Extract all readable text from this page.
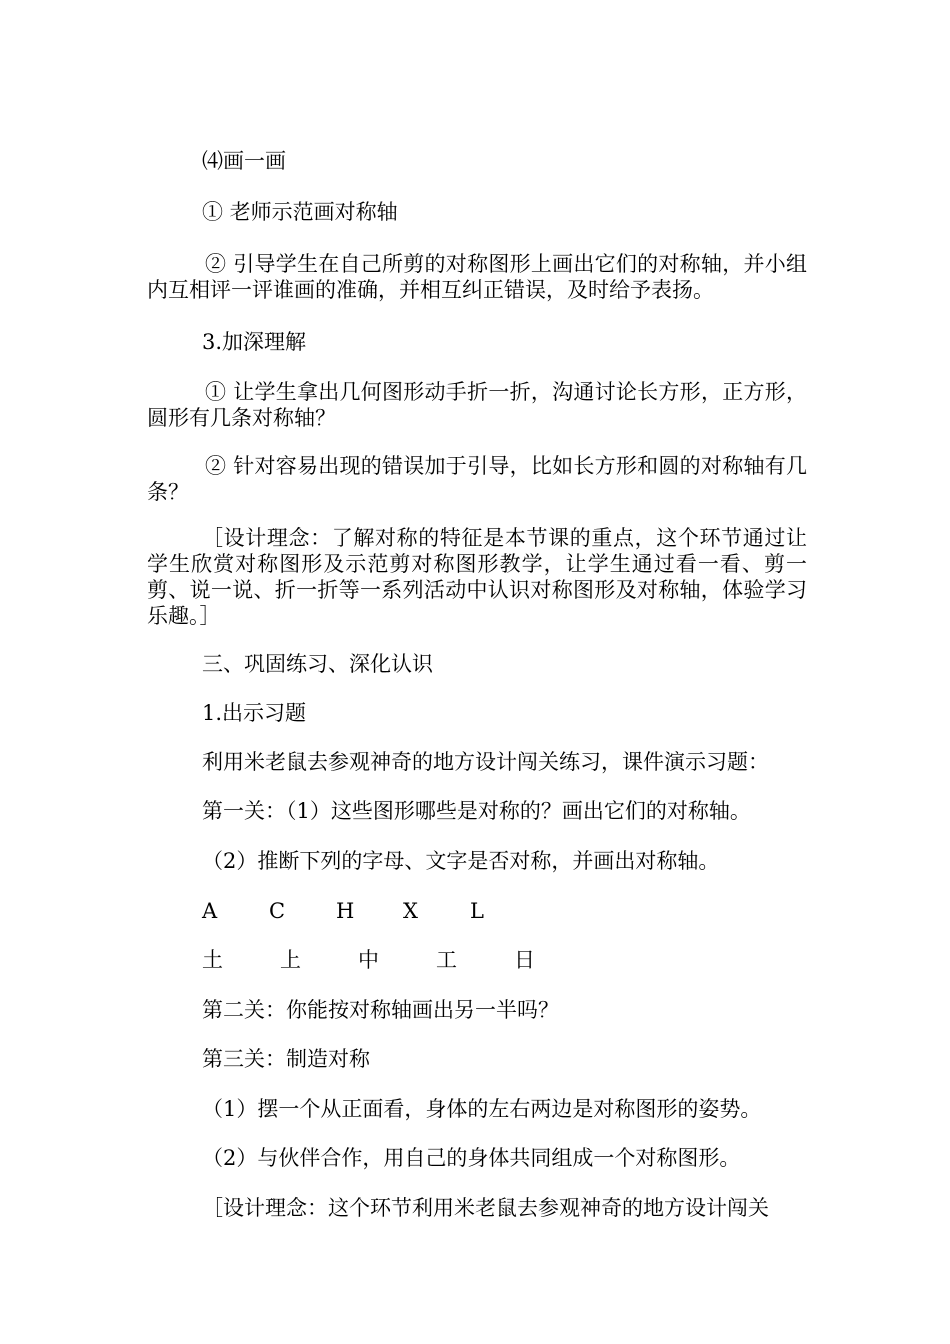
⑷画一画

① 老师示范画对称轴

② 引导学生在自己所剪的对称图形上画出它们的对称轴，并小组内互相评一评谁画的准确，并相互纠正错误，及时给予表扬。

3.加深理解

① 让学生拿出几何图形动手折一折，沟通讨论长方形，正方形，圆形有几条对称轴？

② 针对容易出现的错误加于引导，比如长方形和圆的对称轴有几条？

［设计理念：了解对称的特征是本节课的重点，这个环节通过让学生欣赏对称图形及示范剪对称图形教学，让学生通过看一看、剪一剪、说一说、折一折等一系列活动中认识对称图形及对称轴，体验学习乐趣。］

三、巩固练习、深化认识

1.出示习题

利用米老鼠去参观神奇的地方设计闯关练习，课件演示习题：

第一关：（1）这些图形哪些是对称的？画出它们的对称轴。

（2）推断下列的字母、文字是否对称，并画出对称轴。

A	C	H	X	L
土	上	中	工	日

第二关：你能按对称轴画出另一半吗？

第三关：制造对称

（1）摆一个从正面看，身体的左右两边是对称图形的姿势。

（2）与伙伴合作，用自己的身体共同组成一个对称图形。

［设计理念：这个环节利用米老鼠去参观神奇的地方设计闯关
